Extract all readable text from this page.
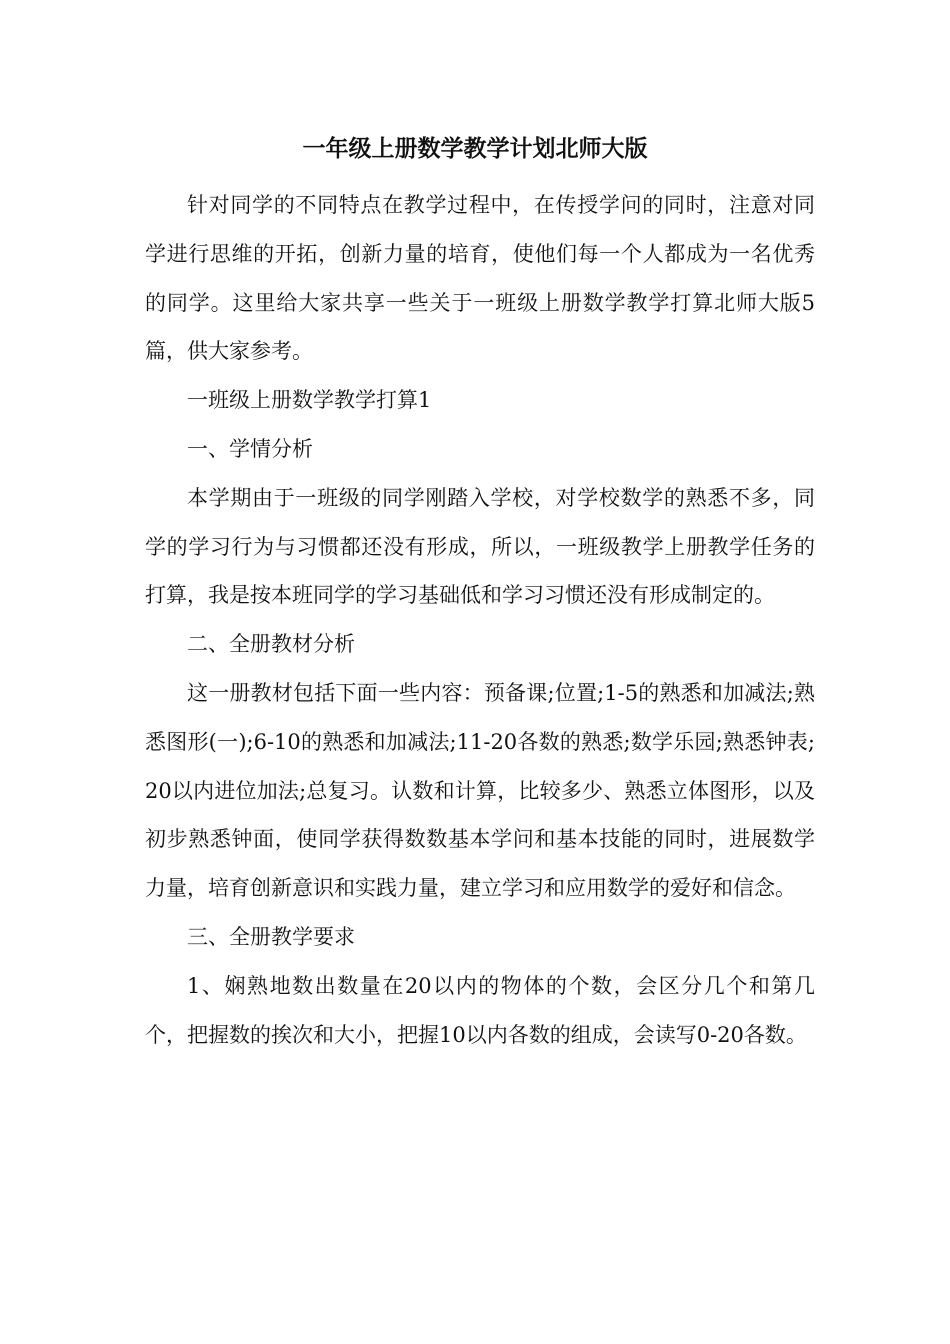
一年级上册数学教学计划北师大版

针对同学的不同特点在教学过程中，在传授学问的同时，注意对同学进行思维的开拓，创新力量的培育，使他们每一个人都成为一名优秀的同学。这里给大家共享一些关于一班级上册数学教学打算北师大版5篇，供大家参考。

一班级上册数学教学打算1

一、学情分析

本学期由于一班级的同学刚踏入学校，对学校数学的熟悉不多，同学的学习行为与习惯都还没有形成，所以，一班级教学上册教学任务的打算，我是按本班同学的学习基础低和学习习惯还没有形成制定的。

二、全册教材分析

这一册教材包括下面一些内容：预备课;位置;1-5的熟悉和加减法;熟悉图形(一);6-10的熟悉和加减法;11-20各数的熟悉;数学乐园;熟悉钟表;20以内进位加法;总复习。认数和计算，比较多少、熟悉立体图形，以及初步熟悉钟面，使同学获得数数基本学问和基本技能的同时，进展数学力量，培育创新意识和实践力量，建立学习和应用数学的爱好和信念。

三、全册教学要求

1、娴熟地数出数量在20以内的物体的个数，会区分几个和第几个，把握数的挨次和大小，把握10以内各数的组成，会读写0-20各数。
